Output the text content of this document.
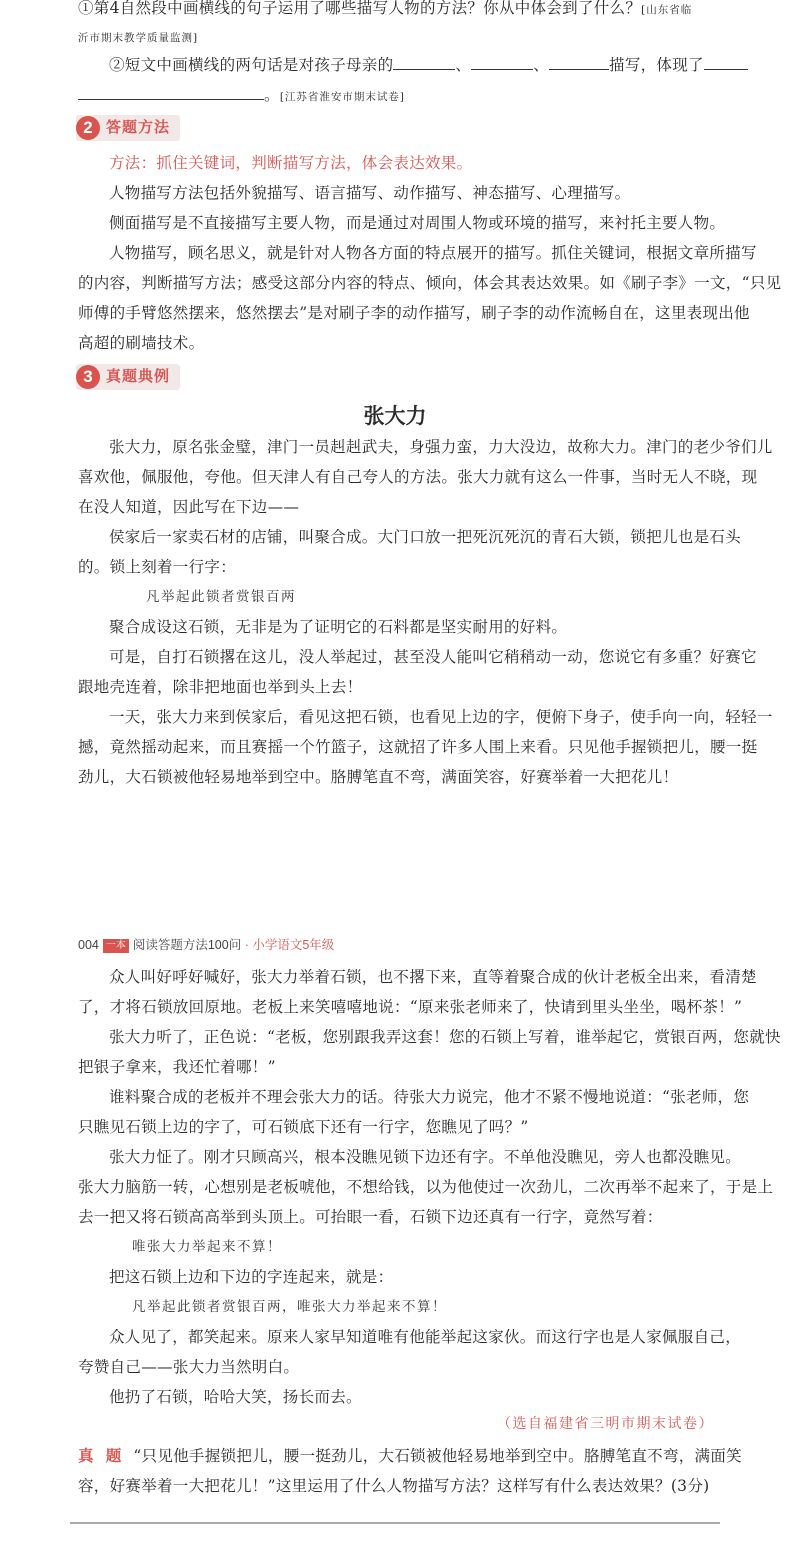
①第4自然段中画横线的句子运用了哪些描写人物的方法？你从中体会到了什么？[山东省临
沂市期末教学质量监测]
②短文中画横线的两句话是对孩子母亲的	、	、	描写，体现了
。[江苏省淮安市期末试卷]
2 答题方法
方法：抓住关键词，判断描写方法，体会表达效果。
人物描写方法包括外貌描写、语言描写、动作描写、神态描写、心理描写。
侧面描写是不直接描写主要人物，而是通过对周围人物或环境的描写，来衬托主要人物。
人物描写，顾名思义，就是针对人物各方面的特点展开的描写。抓住关键词，根据文章所描写
的内容，判断描写方法；感受这部分内容的特点、倾向，体会其表达效果。如《刷子李》一文，“只见
师傅的手臂悠然摆来，悠然摆去”是对刷子李的动作描写，刷子李的动作流畅自在，这里表现出他
高超的刷墙技术。
3 真题典例
张大力
张大力，原名张金璧，津门一员赳赳武夫，身强力蛮，力大没边，故称大力。津门的老少爷们儿
喜欢他，佩服他，夸他。但天津人有自己夸人的方法。张大力就有这么一件事，当时无人不晓，现
在没人知道，因此写在下边——
侯家后一家卖石材的店铺，叫聚合成。大门口放一把死沉死沉的青石大锁，锁把儿也是石头
的。锁上刻着一行字：
凡举起此锁者赏银百两
聚合成设这石锁，无非是为了证明它的石料都是坚实耐用的好料。
可是，自打石锁撂在这儿，没人举起过，甚至没人能叫它稍稍动一动，您说它有多重？好赛它
跟地壳连着，除非把地面也举到头上去！
一天，张大力来到侯家后，看见这把石锁，也看见上边的字，便俯下身子，使手向一向，轻轻一
撼，竟然摇动起来，而且赛摇一个竹篮子，这就招了许多人围上来看。只见他手握锁把儿，腰一挺
劲儿，大石锁被他轻易地举到空中。胳膊笔直不弯，满面笑容，好赛举着一大把花儿！
004 一本 阅读答题方法100问 · 小学语文5年级
众人叫好呼好喊好，张大力举着石锁，也不撂下来，直等着聚合成的伙计老板全出来，看清楚
了，才将石锁放回原地。老板上来笑嘻嘻地说：“原来张老师来了，快请到里头坐坐，喝杯茶！”
张大力听了，正色说：“老板，您别跟我弄这套！您的石锁上写着，谁举起它，赏银百两，您就快
把银子拿来，我还忙着哪！”
谁料聚合成的老板并不理会张大力的话。待张大力说完，他才不紧不慢地说道：“张老师，您
只瞧见石锁上边的字了，可石锁底下还有一行字，您瞧见了吗？”
张大力怔了。刚才只顾高兴，根本没瞧见锁下边还有字。不单他没瞧见，旁人也都没瞧见。
张大力脑筋一转，心想别是老板唬他，不想给钱，以为他使过一次劲儿，二次再举不起来了，于是上
去一把又将石锁高高举到头顶上。可抬眼一看，石锁下边还真有一行字，竟然写着：
唯张大力举起来不算！
把这石锁上边和下边的字连起来，就是：
凡举起此锁者赏银百两，唯张大力举起来不算！
众人见了，都笑起来。原来人家早知道唯有他能举起这家伙。而这行字也是人家佩服自己，
夸赞自己——张大力当然明白。
他扔了石锁，哈哈大笑，扬长而去。
（选自福建省三明市期末试卷）
真 题 “只见他手握锁把儿，腰一挺劲儿，大石锁被他轻易地举到空中。胳膊笔直不弯，满面笑
容，好赛举着一大把花儿！”这里运用了什么人物描写方法？这样写有什么表达效果？(3分)
